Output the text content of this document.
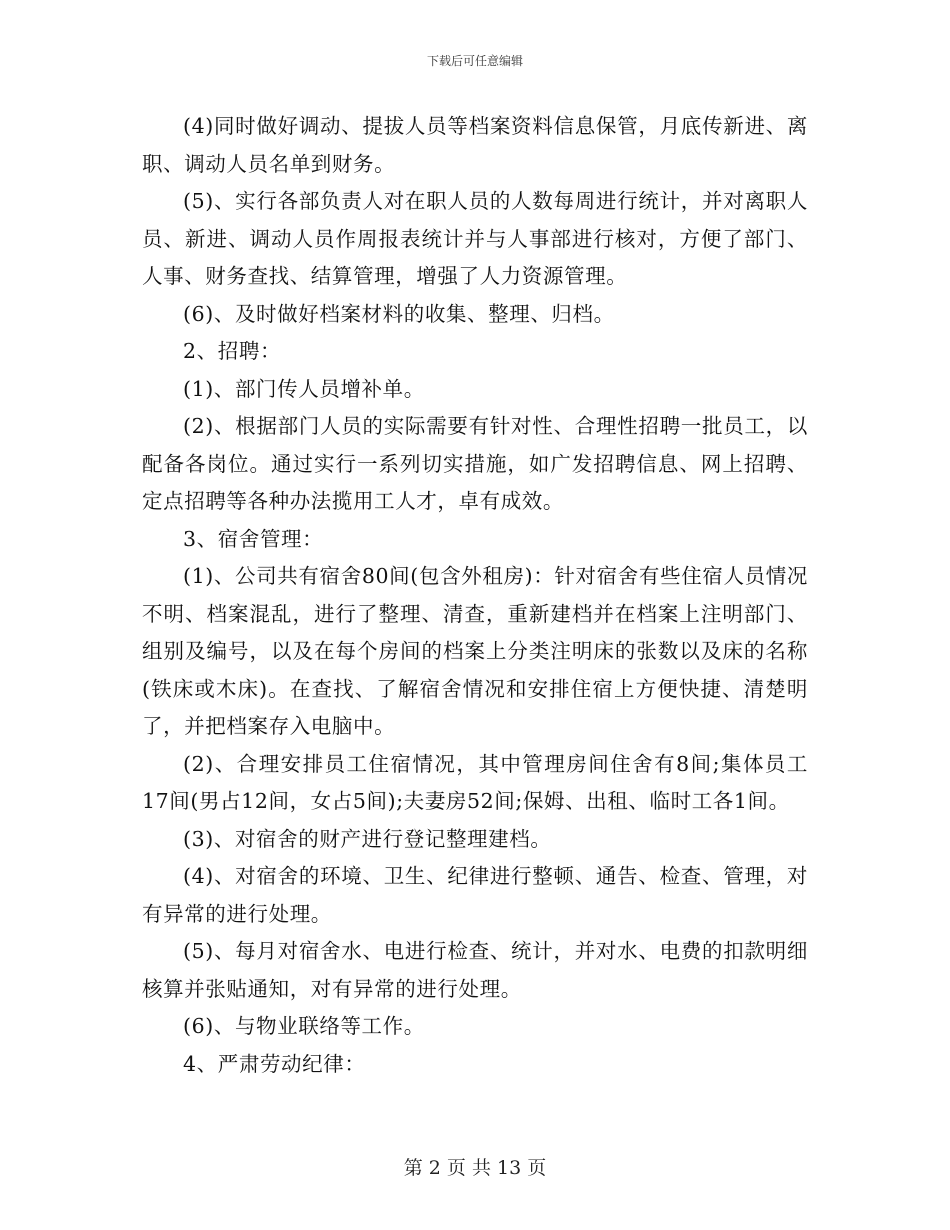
下载后可任意编辑

(4)同时做好调动、提拔人员等档案资料信息保管，月底传新进、离职、调动人员名单到财务。

(5)、实行各部负责人对在职人员的人数每周进行统计，并对离职人员、新进、调动人员作周报表统计并与人事部进行核对，方便了部门、人事、财务查找、结算管理，增强了人力资源管理。

(6)、及时做好档案材料的收集、整理、归档。

2、招聘：

(1)、部门传人员增补单。

(2)、根据部门人员的实际需要有针对性、合理性招聘一批员工，以配备各岗位。通过实行一系列切实措施，如广发招聘信息、网上招聘、定点招聘等各种办法揽用工人才，卓有成效。

3、宿舍管理：

(1)、公司共有宿舍80间(包含外租房)：针对宿舍有些住宿人员情况不明、档案混乱，进行了整理、清查，重新建档并在档案上注明部门、组别及编号，以及在每个房间的档案上分类注明床的张数以及床的名称(铁床或木床)。在查找、了解宿舍情况和安排住宿上方便快捷、清楚明了，并把档案存入电脑中。

(2)、合理安排员工住宿情况，其中管理房间住舍有8间;集体员工17间(男占12间，女占5间);夫妻房52间;保姆、出租、临时工各1间。

(3)、对宿舍的财产进行登记整理建档。

(4)、对宿舍的环境、卫生、纪律进行整顿、通告、检查、管理，对有异常的进行处理。

(5)、每月对宿舍水、电进行检查、统计，并对水、电费的扣款明细核算并张贴通知，对有异常的进行处理。

(6)、与物业联络等工作。

4、严肃劳动纪律：

第 2 页 共 13 页
